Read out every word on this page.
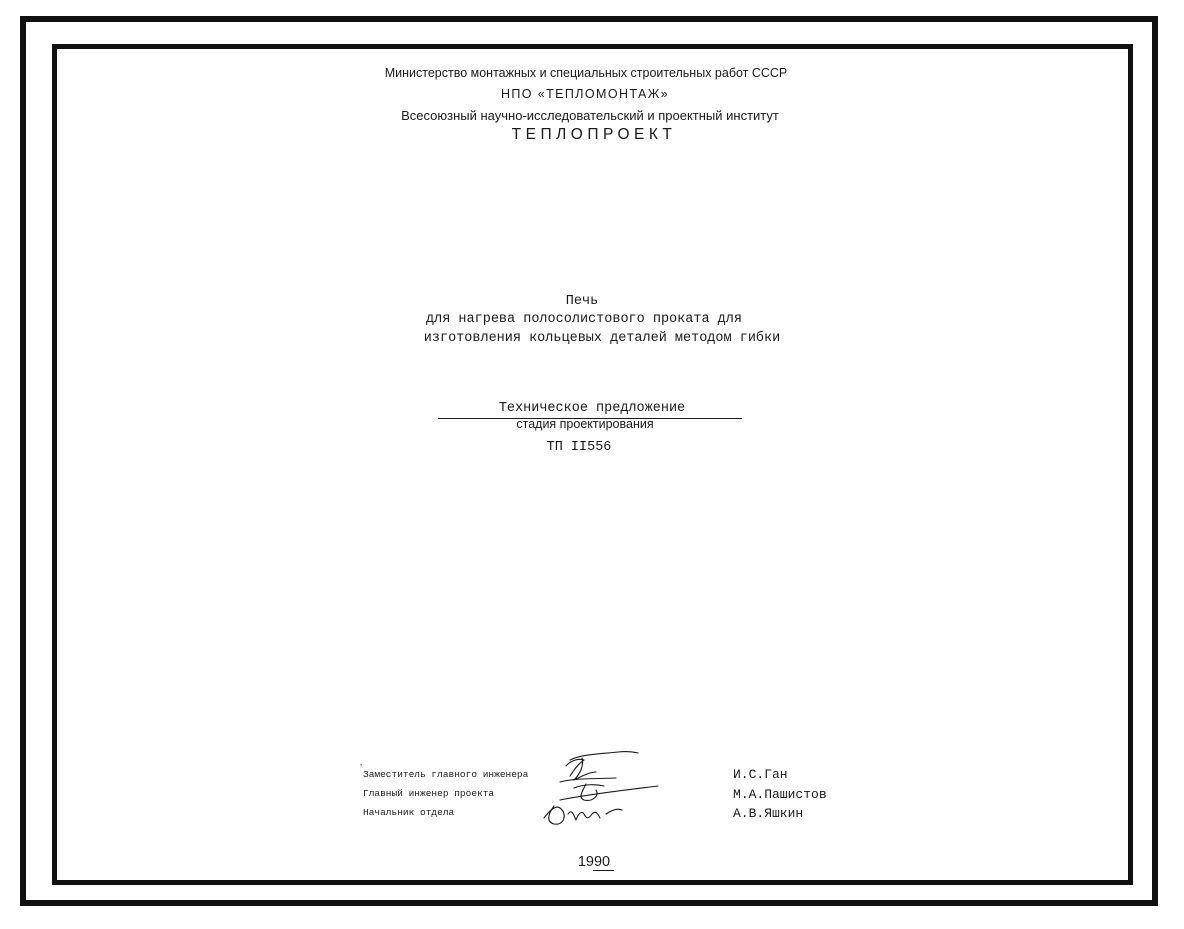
Министерство монтажных и специальных строительных работ СССР
НПО «ТЕПЛОМОНТАЖ»
Всесоюзный научно-исследовательский и проектный институт
ТЕПЛОПРОЕКТ
Печь
для нагрева полосолистового проката для
изготовления кольцевых деталей методом гибки
Техническое предложение
стадия проектирования
ТП II556
‚
Заместитель главного инженера
Главный инженер проекта
Начальник отдела
И.С.Ган
М.А.Пашистов
А.В.Яшкин
1990
